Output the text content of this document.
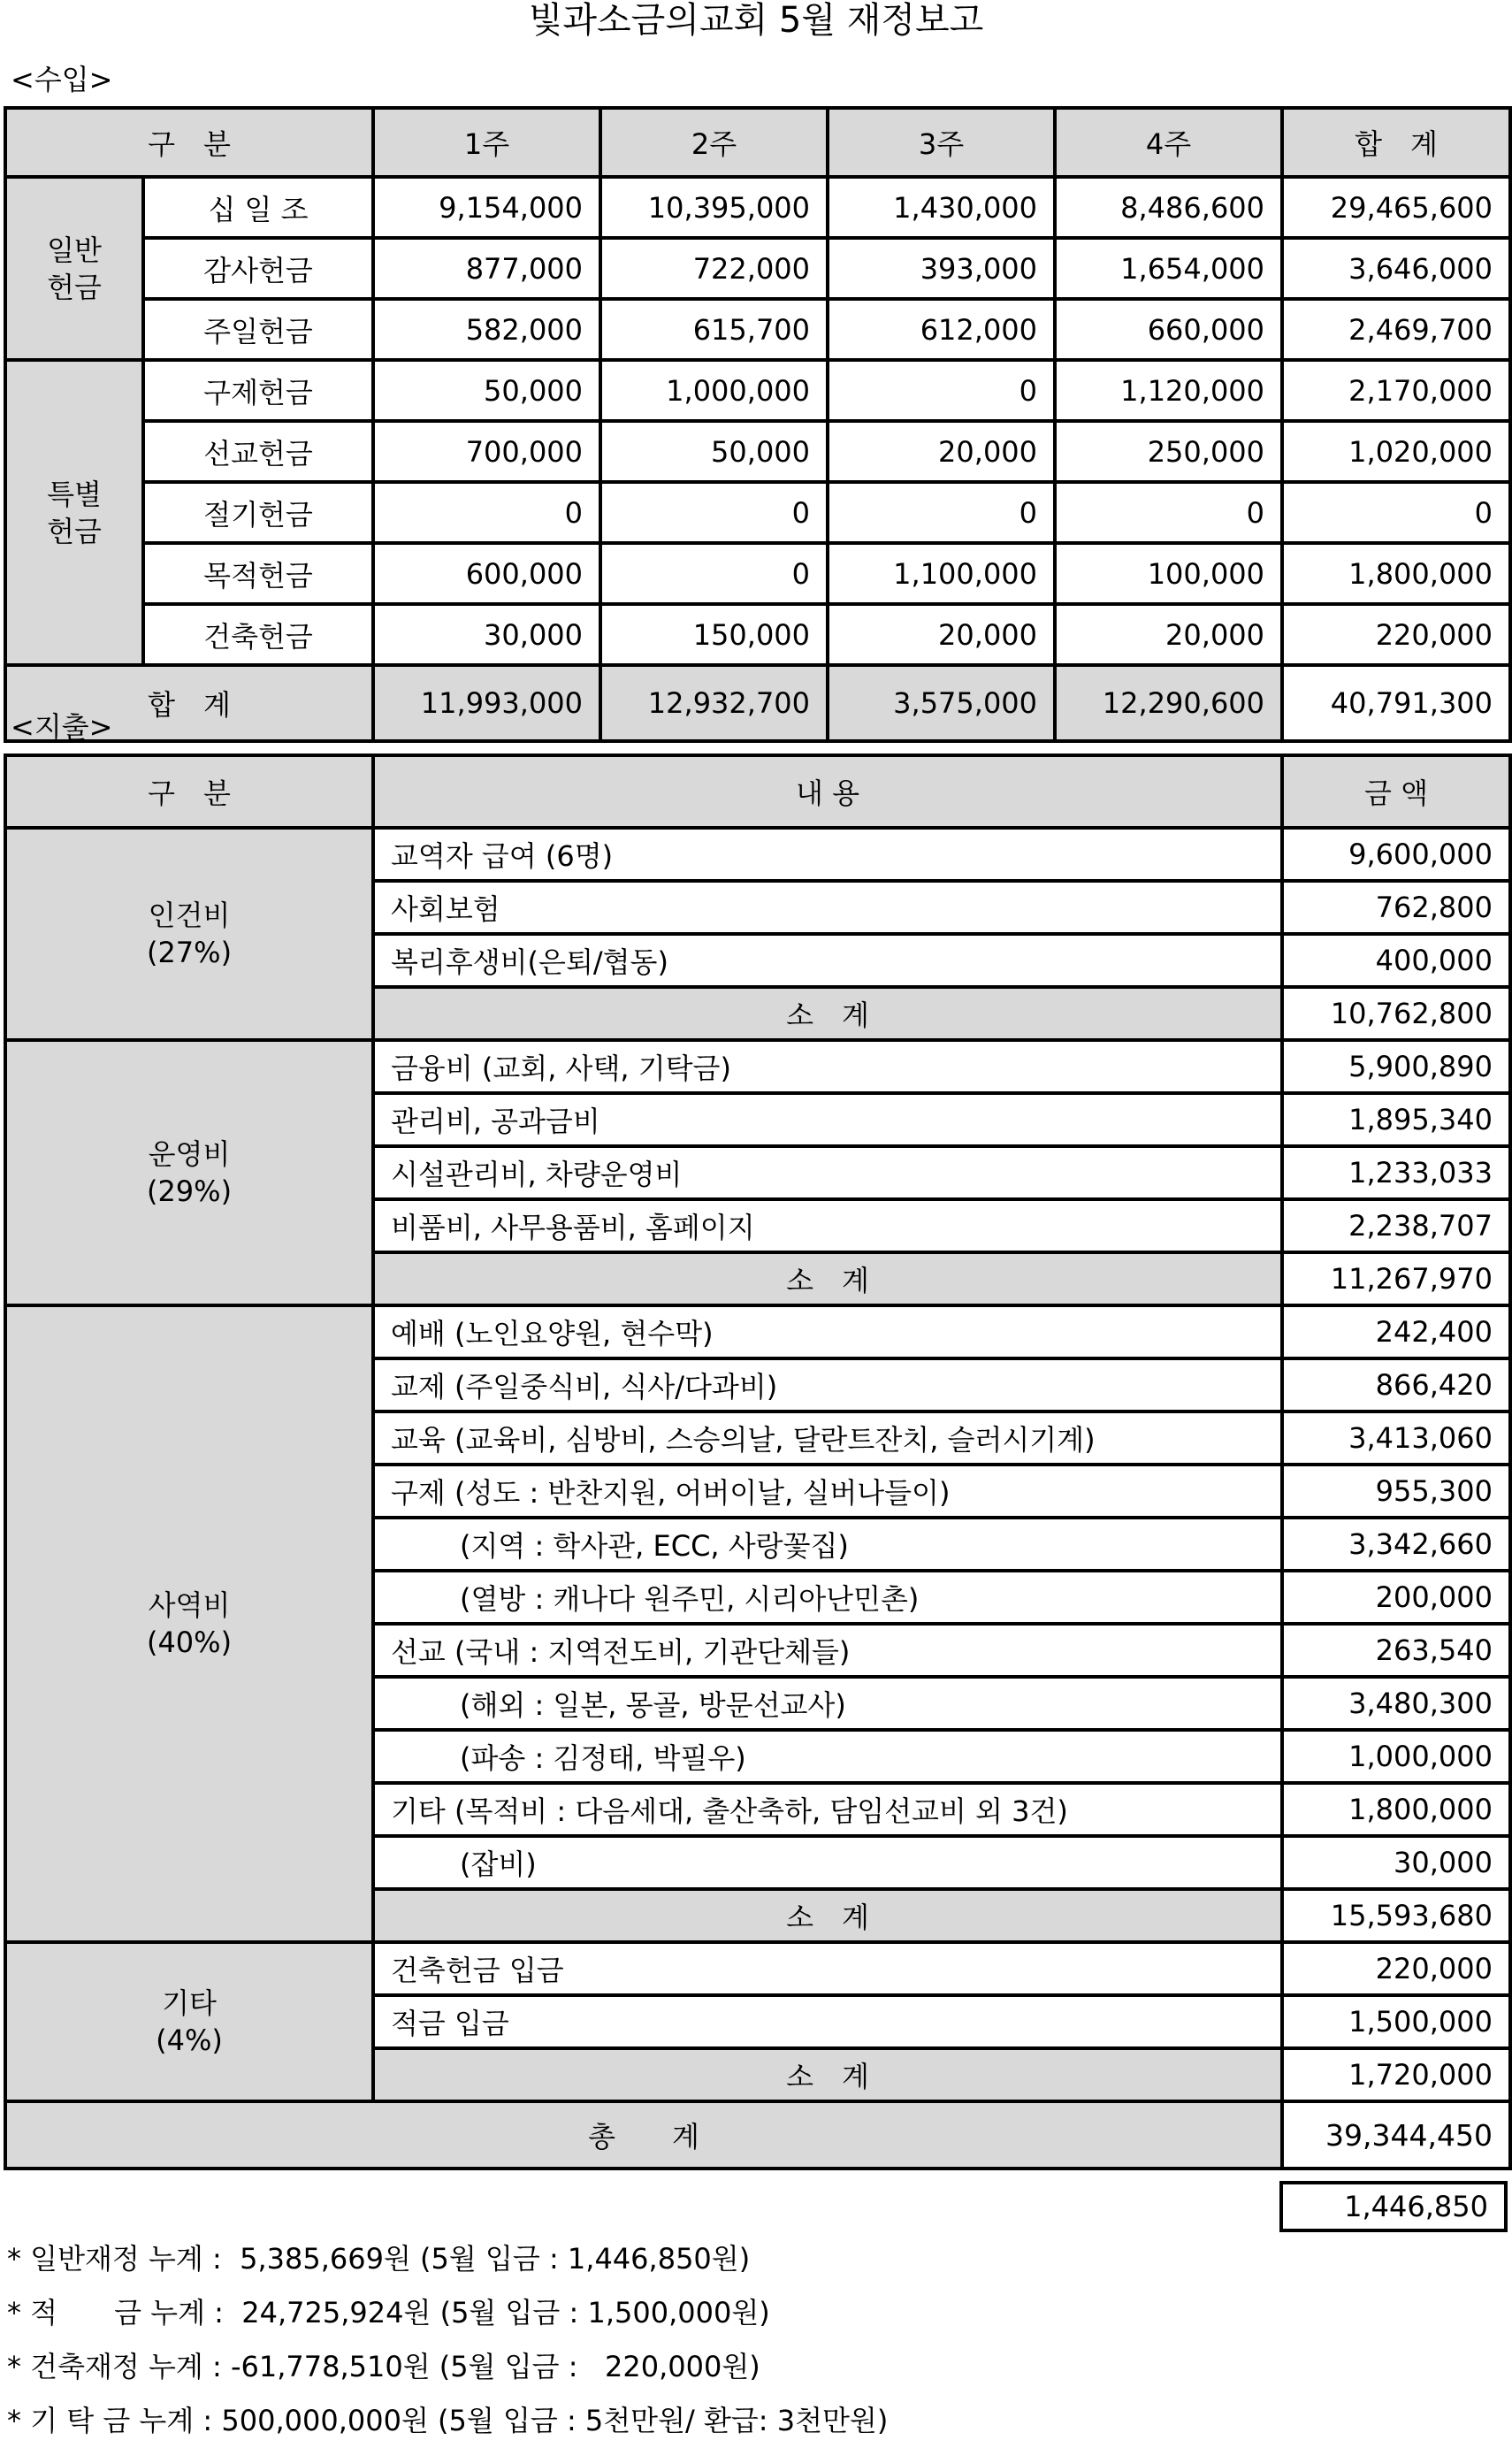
빛과소금의교회 5월 재정보고
<수입>
구　분		1주	2주	3주	4주	합　계
일반
헌금	십 일 조	9,154,000	10,395,000	1,430,000	8,486,600	29,465,600
	감사헌금	877,000	722,000	393,000	1,654,000	3,646,000
	주일헌금	582,000	615,700	612,000	660,000	2,469,700
특별
헌금	구제헌금	50,000	1,000,000	0	1,120,000	2,170,000
	선교헌금	700,000	50,000	20,000	250,000	1,020,000
	절기헌금	0	0	0	0	0
	목적헌금	600,000	0	1,100,000	100,000	1,800,000
	건축헌금	30,000	150,000	20,000	20,000	220,000
합　계		11,993,000	12,932,700	3,575,000	12,290,600	40,791,300
<지출>
구　분	내 용	금 액
인건비
(27%)	교역자 급여 (6명)	9,600,000
	사회보험	762,800
	복리후생비(은퇴/협동)	400,000
	소　계	10,762,800
운영비
(29%)	금융비 (교회, 사택, 기탁금)	5,900,890
	관리비, 공과금비	1,895,340
	시설관리비, 차량운영비	1,233,033
	비품비, 사무용품비, 홈페이지	2,238,707
	소　계	11,267,970
사역비
(40%)	예배 (노인요양원, 현수막)	242,400
	교제 (주일중식비, 식사/다과비)	866,420
	교육 (교육비, 심방비, 스승의날, 달란트잔치, 슬러시기계)	3,413,060
	구제 (성도 : 반찬지원, 어버이날, 실버나들이)	955,300
	(지역 : 학사관, ECC, 사랑꽃집)	3,342,660
	(열방 : 캐나다 원주민, 시리아난민촌)	200,000
	선교 (국내 : 지역전도비, 기관단체들)	263,540
	(해외 : 일본, 몽골, 방문선교사)	3,480,300
	(파송 : 김정태, 박필우)	1,000,000
	기타 (목적비 : 다음세대, 출산축하, 담임선교비 외 3건)	1,800,000
	(잡비)	30,000
	소　계	15,593,680
기타
(4%)	건축헌금 입금	220,000
	적금 입금	1,500,000
	소　계	1,720,000
총　　계		39,344,450
1,446,850
* 일반재정 누계 :  5,385,669원 (5월 입금 : 1,446,850원)
* 적　　금 누계 :  24,725,924원 (5월 입금 : 1,500,000원)
* 건축재정 누계 : -61,778,510원 (5월 입금 :   220,000원)
* 기 탁 금 누계 : 500,000,000원 (5월 입금 : 5천만원/ 환급: 3천만원)
